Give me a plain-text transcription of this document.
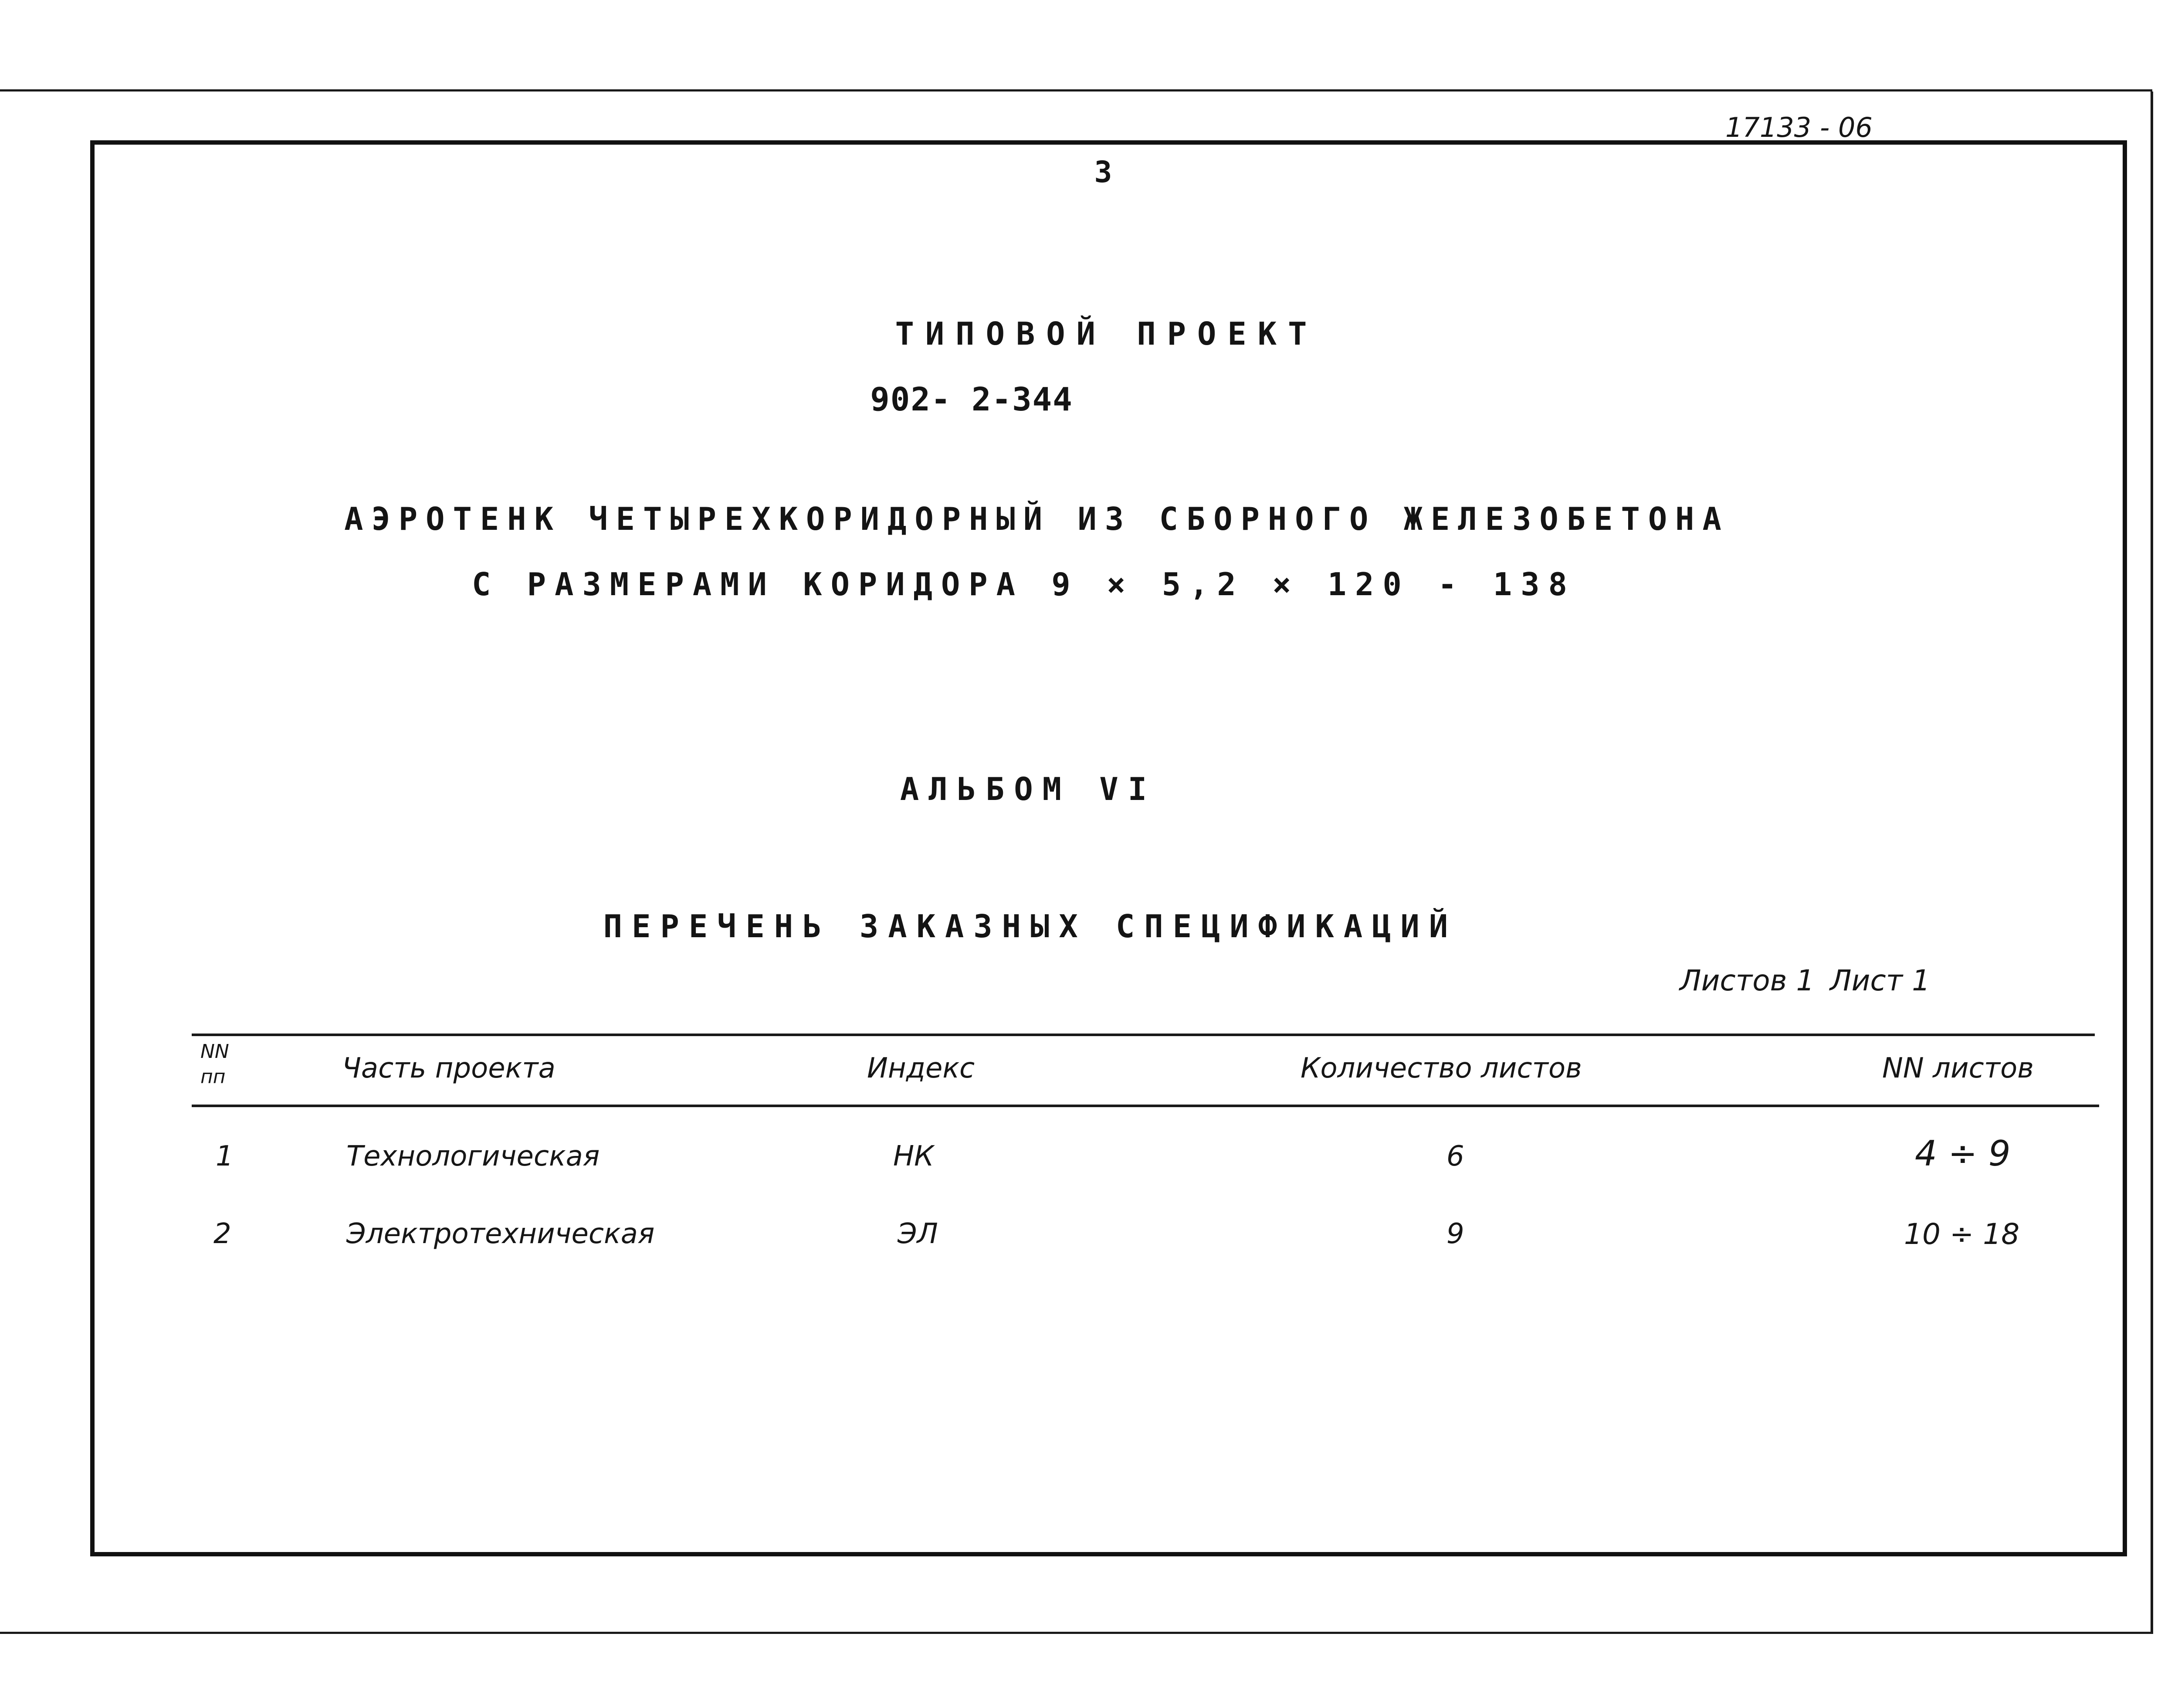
17133 - 06
3
ТИПОВОЙ ПРОЕКТ
902- 2-344
АЭРОТЕНК ЧЕТЫРЕХКОРИДОРНЫЙ ИЗ СБОРНОГО ЖЕЛЕЗОБЕТОНА
С РАЗМЕРАМИ КОРИДОРА 9 × 5,2 × 120 - 138
АЛЬБОМ VI
ПЕРЕЧЕНЬ ЗАКАЗНЫХ СПЕЦИФИКАЦИЙ
Листов 1 Лист 1
NN
пп	Часть проекта	Индекс	Количество листов	NN листов
1	Технологическая	НК	6	4 ÷ 9
2	Электротехническая	ЭЛ	9	10 ÷ 18
